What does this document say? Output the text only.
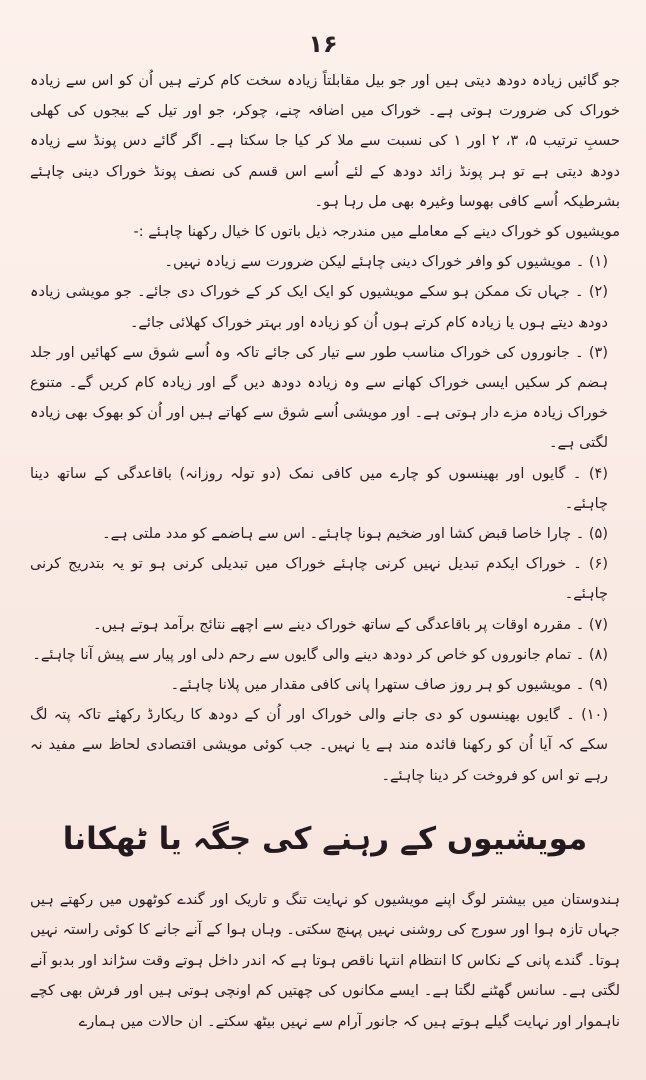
۱۶

جو گائیں زیادہ دودھ دیتی ہیں اور جو بیل مقابلتاً زیادہ سخت کام کرتے ہیں اُن کو اس سے زیادہ خوراک کی ضرورت ہوتی ہے۔ خوراک میں اضافہ چنے، چوکر، جو اور تیل کے بیجوں کی کھلی حسبِ ترتیب ۵، ۳، ۲ اور ۱ کی نسبت سے ملا کر کیا جا سکتا ہے۔ اگر گائے دس پونڈ سے زیادہ دودھ دیتی ہے تو ہر پونڈ زائد دودھ کے لئے اُسے اس قسم کی نصف پونڈ خوراک دینی چاہئے بشرطیکہ اُسے کافی بھوسا وغیرہ بھی مل رہا ہو۔

مویشیوں کو خوراک دینے کے معاملے میں مندرجہ ذیل باتوں کا خیال رکھنا چاہئے :-

(۱) ۔ مویشیوں کو وافر خوراک دینی چاہئے لیکن ضرورت سے زیادہ نہیں۔

(۲) ۔ جہاں تک ممکن ہو سکے مویشیوں کو ایک ایک کر کے خوراک دی جائے۔ جو مویشی زیادہ دودھ دیتے ہوں یا زیادہ کام کرتے ہوں اُن کو زیادہ اور بہتر خوراک کھلائی جائے۔

(۳) ۔ جانوروں کی خوراک مناسب طور سے تیار کی جائے تاکہ وہ اُسے شوق سے کھائیں اور جلد ہضم کر سکیں ایسی خوراک کھانے سے وہ زیادہ دودھ دیں گے اور زیادہ کام کریں گے۔ متنوع خوراک زیادہ مزے دار ہوتی ہے۔ اور مویشی اُسے شوق سے کھاتے ہیں اور اُن کو بھوک بھی زیادہ لگتی ہے۔

(۴) ۔ گایوں اور بھینسوں کو چارے میں کافی نمک (دو تولہ روزانہ) باقاعدگی کے ساتھ دینا چاہئے۔

(۵) ۔ چارا خاصا قبض کشا اور ضخیم ہونا چاہئے۔ اس سے ہاضمے کو مدد ملتی ہے۔

(۶) ۔ خوراک ایکدم تبدیل نہیں کرنی چاہئے خوراک میں تبدیلی کرنی ہو تو یہ بتدریج کرنی چاہئے۔

(۷) ۔ مقررہ اوقات پر باقاعدگی کے ساتھ خوراک دینے سے اچھے نتائج برآمد ہوتے ہیں۔

(۸) ۔ تمام جانوروں کو خاص کر دودھ دینے والی گایوں سے رحم دلی اور پیار سے پیش آنا چاہئے۔

(۹) ۔ مویشیوں کو ہر روز صاف ستھرا پانی کافی مقدار میں پلانا چاہئے۔

(۱۰) ۔ گایوں بھینسوں کو دی جانے والی خوراک اور اُن کے دودھ کا ریکارڈ رکھئے تاکہ پتہ لگ سکے کہ آیا اُن کو رکھنا فائدہ مند ہے یا نہیں۔ جب کوئی مویشی اقتصادی لحاظ سے مفید نہ رہے تو اس کو فروخت کر دینا چاہئے۔

مویشیوں کے رہنے کی جگہ یا ٹھکانا

ہندوستان میں بیشتر لوگ اپنے مویشیوں کو نہایت تنگ و تاریک اور گندے کوٹھوں میں رکھتے ہیں جہاں تازہ ہوا اور سورج کی روشنی نہیں پہنچ سکتی۔ وہاں ہوا کے آنے جانے کا کوئی راستہ نہیں ہوتا۔ گندے پانی کے نکاس کا انتظام انتہا ناقص ہوتا ہے کہ اندر داخل ہوتے وقت سڑاند اور بدبو آنے لگتی ہے۔ سانس گھٹنے لگتا ہے۔ ایسے مکانوں کی چھتیں کم اونچی ہوتی ہیں اور فرش بھی کچے ناہموار اور نہایت گیلے ہوتے ہیں کہ جانور آرام سے نہیں بیٹھ سکتے۔ ان حالات میں ہمارے
